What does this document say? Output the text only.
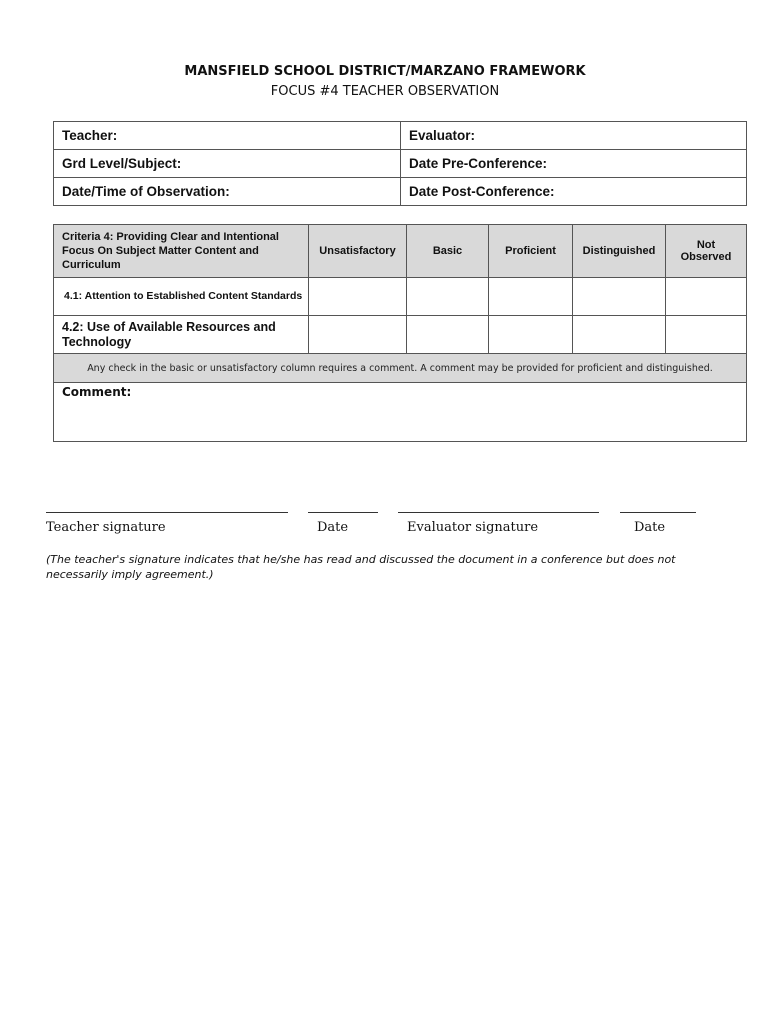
MANSFIELD SCHOOL DISTRICT/MARZANO FRAMEWORK
FOCUS #4 TEACHER OBSERVATION
Teacher:	Evaluator:
Grd Level/Subject:	Date Pre-Conference:
Date/Time of Observation:	Date Post-Conference:
Criteria 4: Providing Clear and Intentional Focus On Subject Matter Content and Curriculum	Unsatisfactory	Basic	Proficient	Distinguished	Not
Observed
4.1: Attention to Established Content Standards					
4.2: Use of Available Resources and Technology					
Any check in the basic or unsatisfactory column requires a comment. A comment may be provided for proficient and distinguished.					
Comment:					
Teacher signature	Date	Evaluator signature	Date
(The teacher's signature indicates that he/she has read and discussed the document in a conference but does not necessarily imply agreement.)
